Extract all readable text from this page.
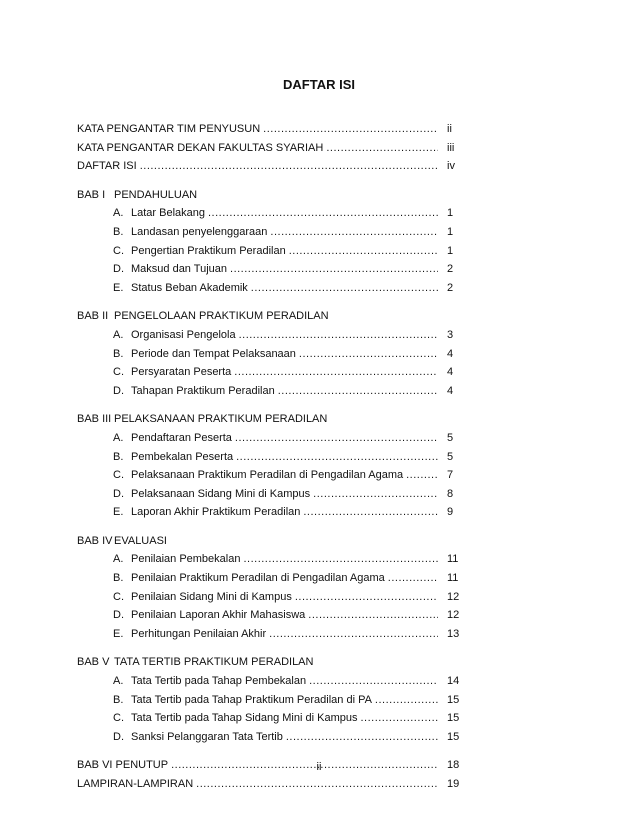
DAFTAR ISI
KATA PENGANTAR TIM PENYUSUN .....	ii
KATA PENGANTAR DEKAN FAKULTAS SYARIAH .....	iii
DAFTAR ISI .....	iv
BAB I PENDAHULUAN
A. Latar Belakang .....	1
B. Landasan penyelenggaraan .....	1
C. Pengertian Praktikum Peradilan .....	1
D. Maksud dan Tujuan .....	2
E. Status Beban Akademik .....	2
BAB II PENGELOLAAN PRAKTIKUM PERADILAN
A. Organisasi Pengelola .....	3
B. Periode dan Tempat Pelaksanaan .....	4
C. Persyaratan Peserta .....	4
D. Tahapan Praktikum Peradilan .....	4
BAB III PELAKSANAAN PRAKTIKUM PERADILAN
A. Pendaftaran Peserta .....	5
B. Pembekalan Peserta .....	5
C. Pelaksanaan Praktikum Peradilan di Pengadilan Agama .....	7
D. Pelaksanaan Sidang Mini di Kampus .....	8
E. Laporan Akhir Praktikum Peradilan .....	9
BAB IV EVALUASI
A. Penilaian Pembekalan .....	11
B. Penilaian Praktikum Peradilan di Pengadilan Agama .....	11
C. Penilaian Sidang Mini di Kampus .....	12
D. Penilaian Laporan Akhir Mahasiswa .....	12
E. Perhitungan Penilaian Akhir .....	13
BAB V TATA TERTIB PRAKTIKUM PERADILAN
A. Tata Tertib pada Tahap Pembekalan .....	14
B. Tata Tertib pada Tahap Praktikum Peradilan di PA .....	15
C. Tata Tertib pada Tahap Sidang Mini di Kampus .....	15
D. Sanksi Pelanggaran Tata Tertib .....	15
BAB VI PENUTUP .....	18
LAMPIRAN-LAMPIRAN .....	19
ii
